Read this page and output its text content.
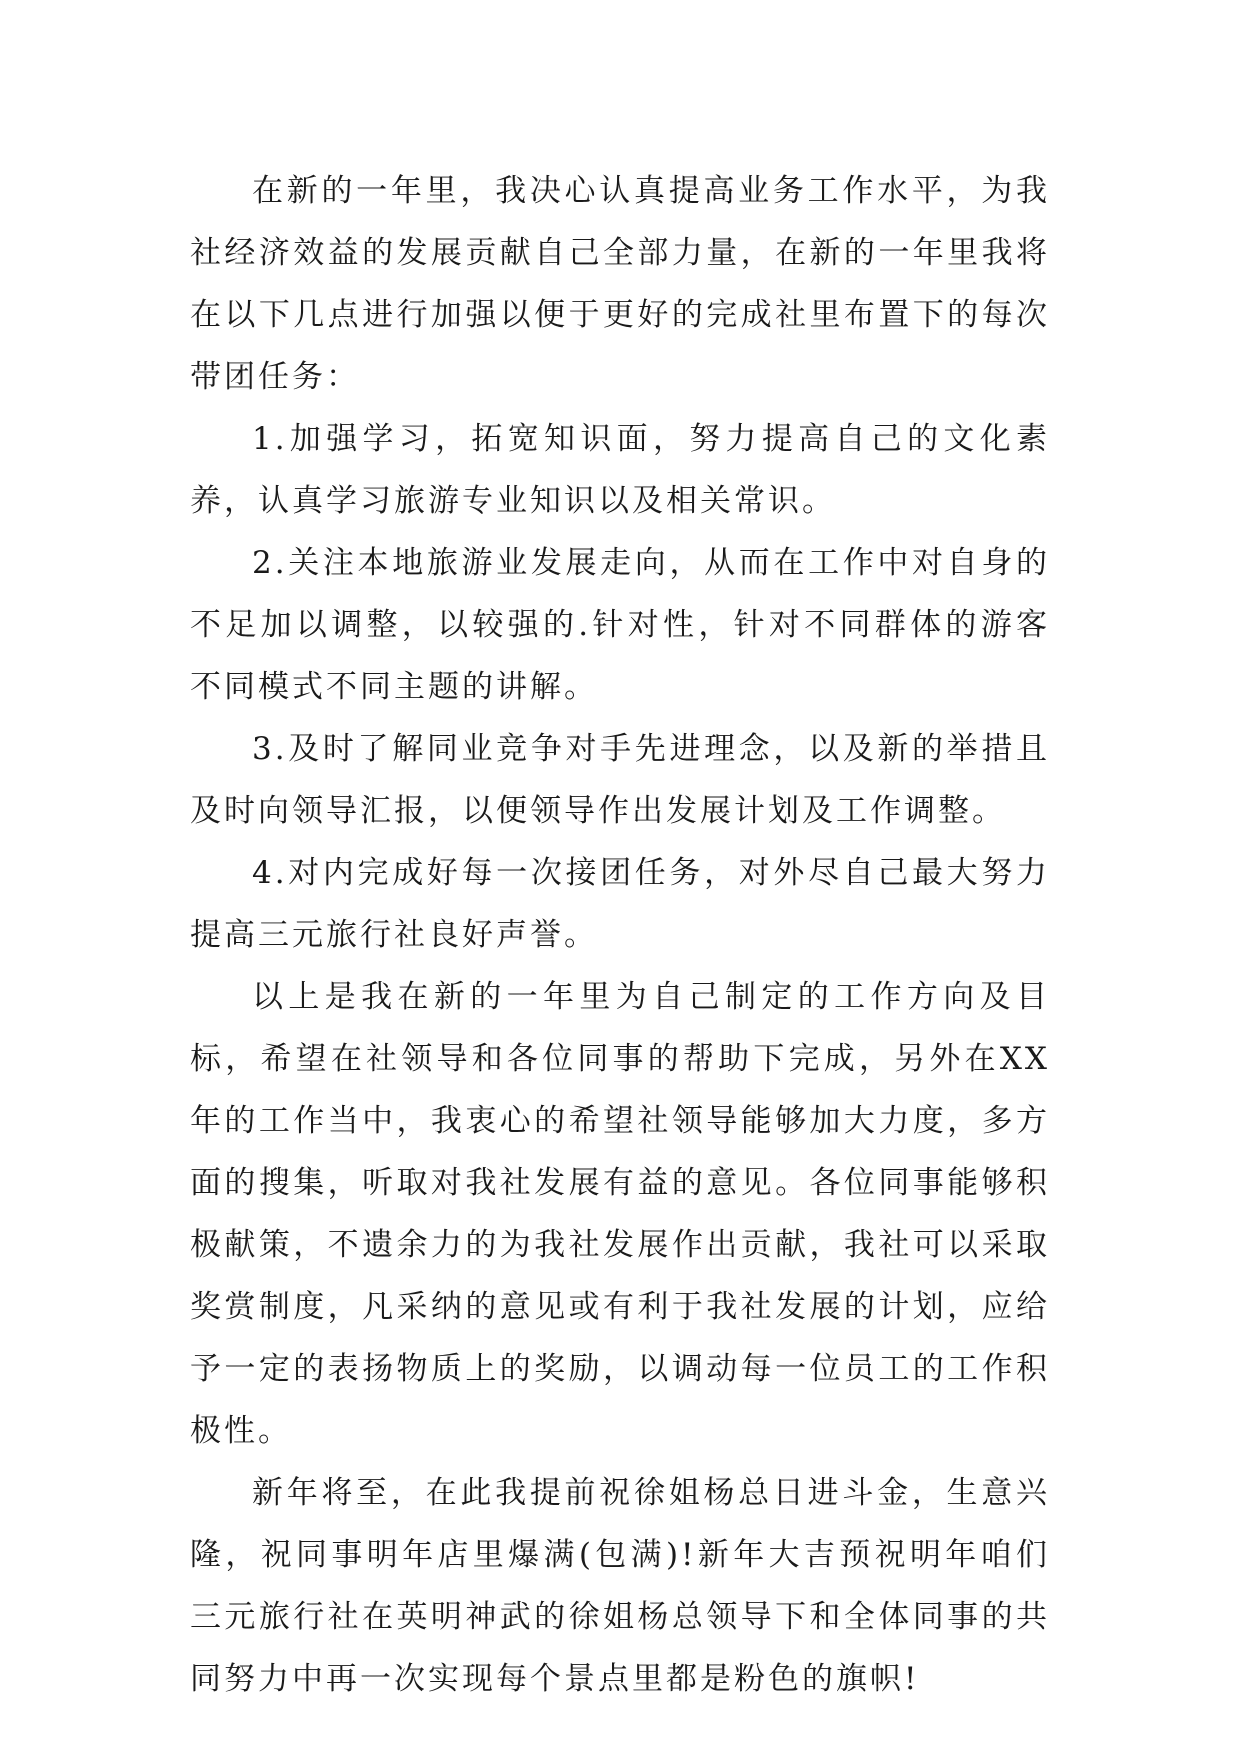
在新的一年里，我决心认真提高业务工作水平，为我社经济效益的发展贡献自己全部力量，在新的一年里我将在以下几点进行加强以便于更好的完成社里布置下的每次带团任务：

1.加强学习，拓宽知识面，努力提高自己的文化素养，认真学习旅游专业知识以及相关常识。

2.关注本地旅游业发展走向，从而在工作中对自身的不足加以调整，以较强的.针对性，针对不同群体的游客不同模式不同主题的讲解。

3.及时了解同业竞争对手先进理念，以及新的举措且及时向领导汇报，以便领导作出发展计划及工作调整。

4.对内完成好每一次接团任务，对外尽自己最大努力提高三元旅行社良好声誉。

以上是我在新的一年里为自己制定的工作方向及目标，希望在社领导和各位同事的帮助下完成，另外在XX年的工作当中，我衷心的希望社领导能够加大力度，多方面的搜集，听取对我社发展有益的意见。各位同事能够积极献策，不遗余力的为我社发展作出贡献，我社可以采取奖赏制度，凡采纳的意见或有利于我社发展的计划，应给予一定的表扬物质上的奖励，以调动每一位员工的工作积极性。

新年将至，在此我提前祝徐姐杨总日进斗金，生意兴隆，祝同事明年店里爆满(包满)!新年大吉预祝明年咱们三元旅行社在英明神武的徐姐杨总领导下和全体同事的共同努力中再一次实现每个景点里都是粉色的旗帜!
